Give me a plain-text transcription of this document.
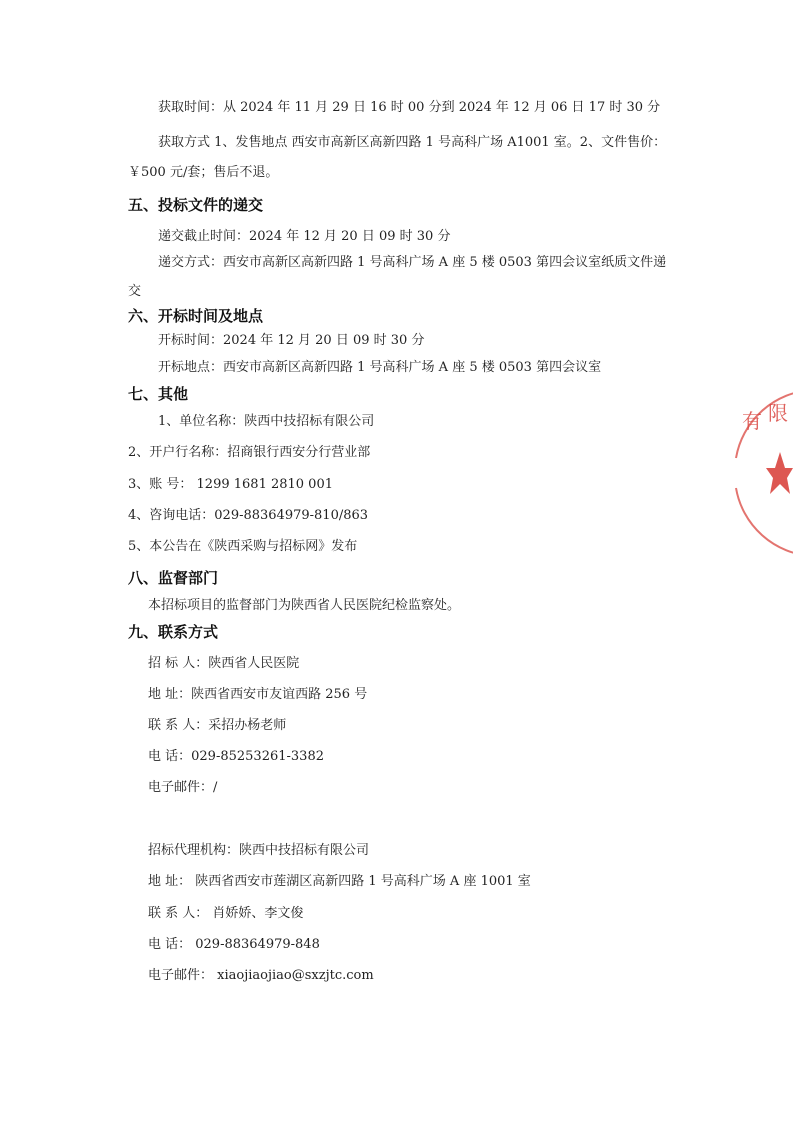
获取时间：从 2024 年 11 月 29 日 16 时 00 分到 2024 年 12 月 06 日 17 时 30 分
获取方式 1、发售地点 西安市高新区高新四路 1 号高科广场 A1001 室。2、文件售价：
￥500 元/套；售后不退。
五、投标文件的递交
递交截止时间：2024 年 12 月 20 日 09 时 30 分
递交方式：西安市高新区高新四路 1 号高科广场 A 座 5 楼 0503 第四会议室纸质文件递
交
六、开标时间及地点
开标时间：2024 年 12 月 20 日 09 时 30 分
开标地点：西安市高新区高新四路 1 号高科广场 A 座 5 楼 0503 第四会议室
七、其他
1、单位名称：陕西中技招标有限公司
2、开户行名称：招商银行西安分行营业部
3、账 号： 1299 1681 2810 001
4、咨询电话：029-88364979-810/863
5、本公告在《陕西采购与招标网》发布
八、监督部门
本招标项目的监督部门为陕西省人民医院纪检监察处。
九、联系方式
招 标 人：陕西省人民医院
地 址：陕西省西安市友谊西路 256 号
联 系 人：采招办杨老师
电 话：029-85253261-3382
电子邮件：/
招标代理机构：陕西中技招标有限公司
地 址： 陕西省西安市莲湖区高新四路 1 号高科广场 A 座 1001 室
联 系 人： 肖娇娇、李文俊
电 话： 029-88364979-848
电子邮件： xiaojiaojiao@sxzjtc.com
有 限
